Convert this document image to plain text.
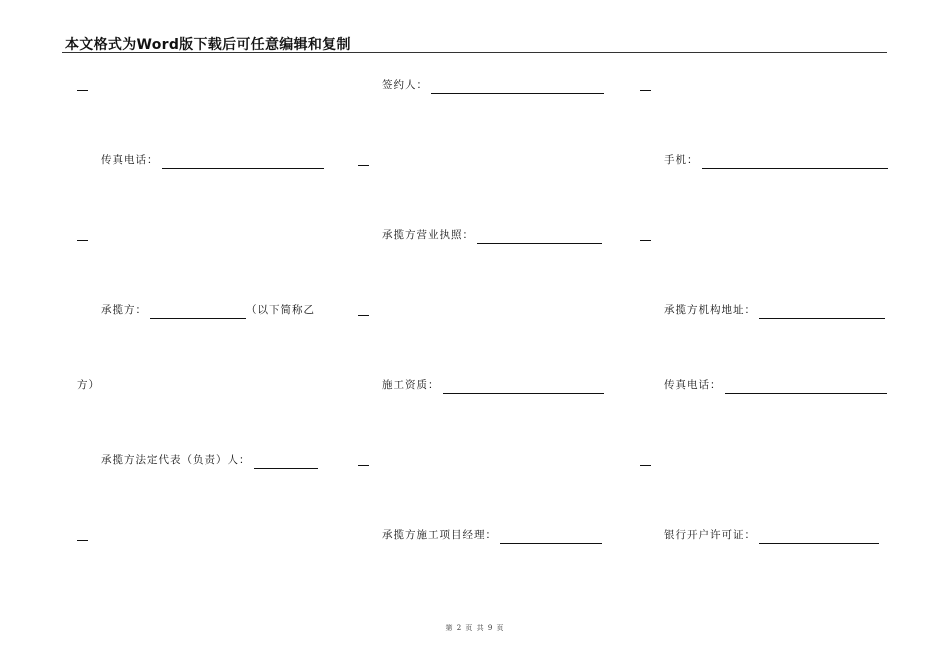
本文格式为Word版下载后可任意编辑和复制
传真电话：
承揽方：	（以下简称乙
方）
承揽方法定代表（负责）人：
签约人：
承揽方营业执照：
施工资质：
承揽方施工项目经理：
手机：
承揽方机构地址：
传真电话：
银行开户许可证：
第 2 页 共 9 页
